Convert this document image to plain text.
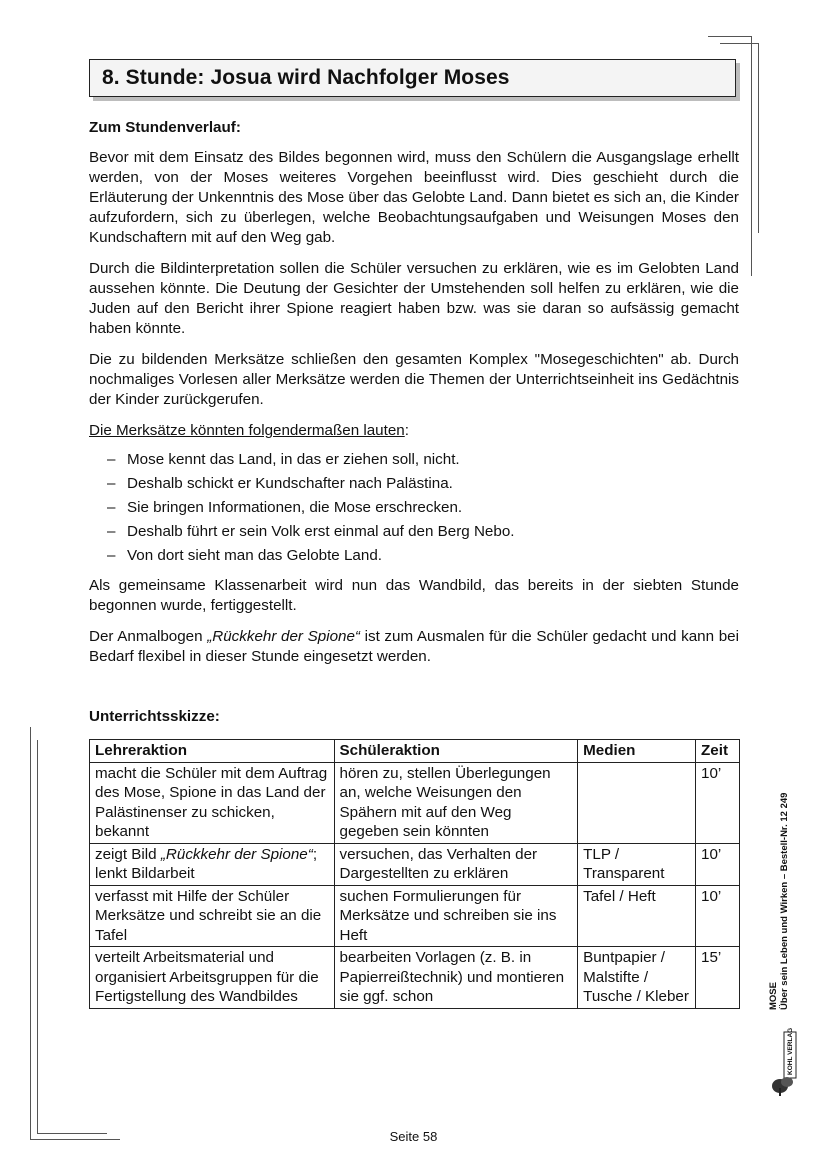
8. Stunde: Josua wird Nachfolger Moses
Zum Stundenverlauf:

Bevor mit dem Einsatz des Bildes begonnen wird, muss den Schülern die Ausgangslage erhellt werden, von der Moses weiteres Vorgehen beeinflusst wird. Dies geschieht durch die Erläuterung der Unkenntnis des Mose über das Gelobte Land. Dann bietet es sich an, die Kinder aufzufordern, sich zu überlegen, welche Beobachtungsaufgaben und Weisungen Moses den Kundschaftern mit auf den Weg gab.

Durch die Bildinterpretation sollen die Schüler versuchen zu erklären, wie es im Gelobten Land aussehen könnte. Die Deutung der Gesichter der Umstehenden soll helfen zu erklären, wie die Juden auf den Bericht ihrer Spione reagiert haben bzw. was sie daran so aufsässig gemacht haben könnte.

Die zu bildenden Merksätze schließen den gesamten Komplex "Mosegeschichten" ab. Durch nochmaliges Vorlesen aller Merksätze werden die Themen der Unterrichtseinheit ins Gedächtnis der Kinder zurückgerufen.

Die Merksätze könnten folgendermaßen lauten:

– Mose kennt das Land, in das er ziehen soll, nicht.
– Deshalb schickt er Kundschafter nach Palästina.
– Sie bringen Informationen, die Mose erschrecken.
– Deshalb führt er sein Volk erst einmal auf den Berg Nebo.
– Von dort sieht man das Gelobte Land.

Als gemeinsame Klassenarbeit wird nun das Wandbild, das bereits in der siebten Stunde begonnen wurde, fertiggestellt.

Der Anmalbogen „Rückkehr der Spione“ ist zum Ausmalen für die Schüler gedacht und kann bei Bedarf flexibel in dieser Stunde eingesetzt werden.

Unterrichtsskizze:
Lehreraktion	Schüleraktion	Medien	Zeit
macht die Schüler mit dem Auftrag des Mose, Spione in das Land der Palästinenser zu schicken, bekannt	hören zu, stellen Überlegungen an, welche Weisungen den Spähern mit auf den Weg gegeben sein könnten		10’
zeigt Bild „Rückkehr der Spione“; lenkt Bildarbeit	versuchen, das Verhalten der Dargestellten zu erklären	TLP / Transparent	10’
verfasst mit Hilfe der Schüler Merksätze und schreibt sie an die Tafel	suchen Formulierungen für Merksätze und schreiben sie ins Heft	Tafel / Heft	10’
verteilt Arbeitsmaterial und organisiert Arbeitsgruppen für die Fertigstellung des Wandbildes	bearbeiten Vorlagen (z. B. in Papierreißtechnik) und montieren sie ggf. schon	Buntpapier / Malstifte / Tusche / Kleber	15’
MOSE Über sein Leben und Wirken – Bestell-Nr. 12 249
KOHL VERLAG
Seite 58
